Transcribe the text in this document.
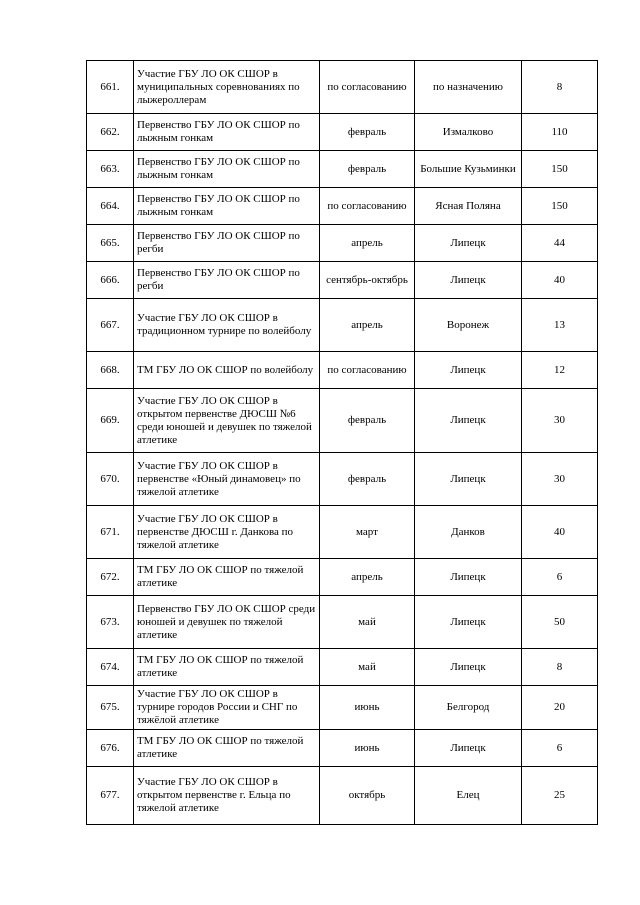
661.	Участие ГБУ ЛО ОК СШОР в муниципальных соревнованиях по лыжероллерам	по согласованию	по назначению	8
662.	Первенство ГБУ ЛО ОК СШОР по лыжным гонкам	февраль	Измалково	110
663.	Первенство ГБУ ЛО ОК СШОР по лыжным гонкам	февраль	Большие Кузьминки	150
664.	Первенство ГБУ ЛО ОК СШОР по лыжным гонкам	по согласованию	Ясная Поляна	150
665.	Первенство ГБУ ЛО ОК СШОР по регби	апрель	Липецк	44
666.	Первенство ГБУ ЛО ОК СШОР по регби	сентябрь-октябрь	Липецк	40
667.	Участие ГБУ ЛО ОК СШОР в традиционном турнире по волейболу	апрель	Воронеж	13
668.	ТМ ГБУ ЛО ОК СШОР по волейболу	по согласованию	Липецк	12
669.	Участие ГБУ ЛО ОК СШОР в открытом первенстве ДЮСШ №6 среди юношей и девушек по тяжелой атлетике	февраль	Липецк	30
670.	Участие ГБУ ЛО ОК СШОР в первенстве «Юный динамовец» по тяжелой атлетике	февраль	Липецк	30
671.	Участие ГБУ ЛО ОК СШОР в первенстве ДЮСШ г. Данкова по тяжелой атлетике	март	Данков	40
672.	ТМ ГБУ ЛО ОК СШОР по тяжелой атлетике	апрель	Липецк	6
673.	Первенство ГБУ ЛО ОК СШОР среди юношей и девушек по тяжелой атлетике	май	Липецк	50
674.	ТМ ГБУ ЛО ОК СШОР по тяжелой атлетике	май	Липецк	8
675.	Участие ГБУ ЛО ОК СШОР в турнире городов России и СНГ по тяжёлой атлетике	июнь	Белгород	20
676.	ТМ ГБУ ЛО ОК СШОР по тяжелой атлетике	июнь	Липецк	6
677.	Участие ГБУ ЛО ОК СШОР в открытом первенстве г. Ельца по тяжелой атлетике	октябрь	Елец	25
